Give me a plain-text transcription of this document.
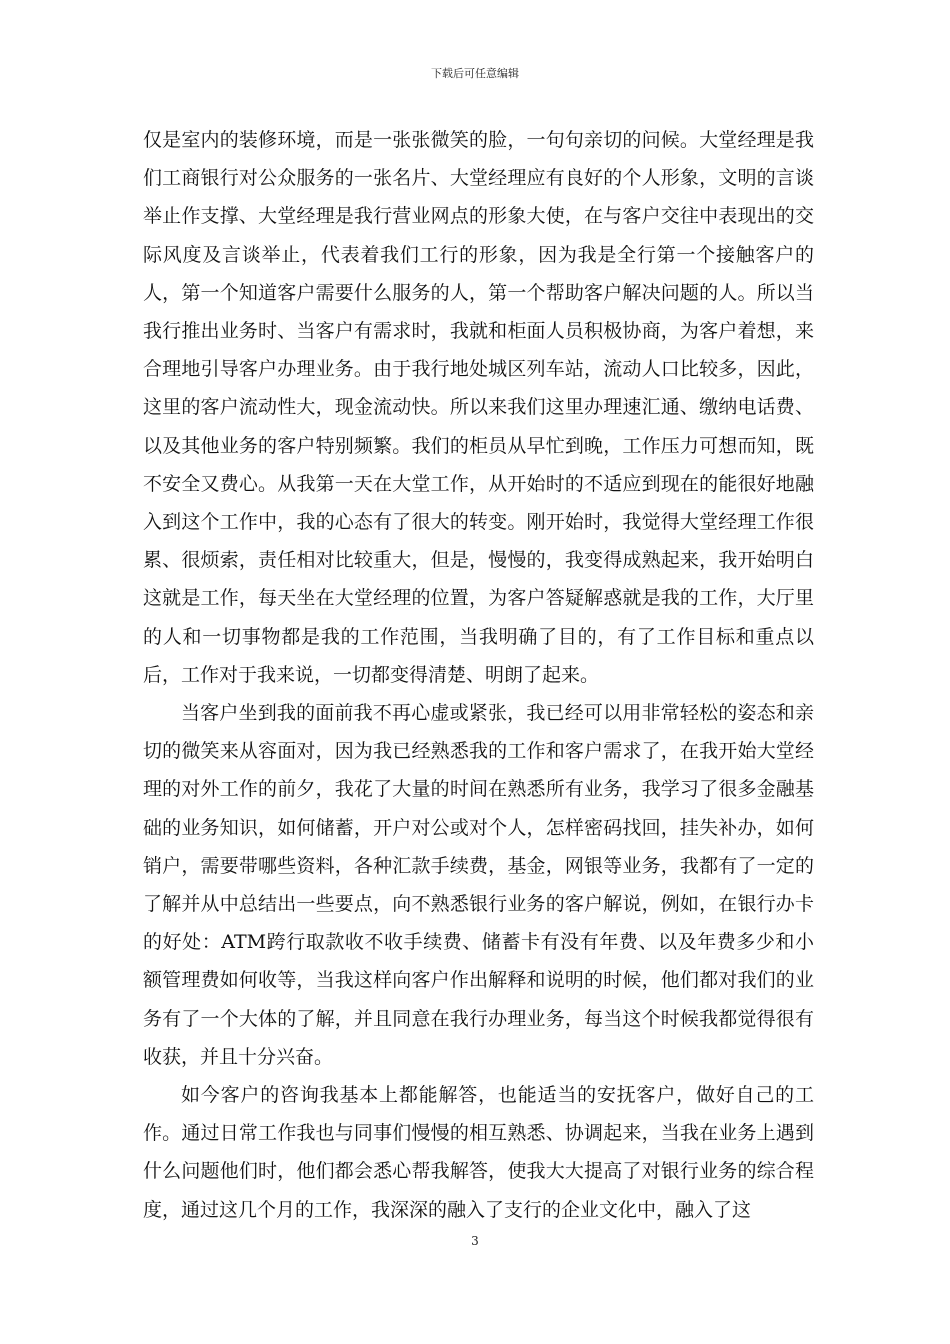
下载后可任意编辑

仅是室内的装修环境，而是一张张微笑的脸，一句句亲切的问候。大堂经理是我们工商银行对公众服务的一张名片、大堂经理应有良好的个人形象，文明的言谈举止作支撑、大堂经理是我行营业网点的形象大使，在与客户交往中表现出的交际风度及言谈举止，代表着我们工行的形象，因为我是全行第一个接触客户的人，第一个知道客户需要什么服务的人，第一个帮助客户解决问题的人。所以当我行推出业务时、当客户有需求时，我就和柜面人员积极协商，为客户着想，来合理地引导客户办理业务。由于我行地处城区列车站，流动人口比较多，因此，这里的客户流动性大，现金流动快。所以来我们这里办理速汇通、缴纳电话费、以及其他业务的客户特别频繁。我们的柜员从早忙到晚，工作压力可想而知，既不安全又费心。从我第一天在大堂工作，从开始时的不适应到现在的能很好地融入到这个工作中，我的心态有了很大的转变。刚开始时，我觉得大堂经理工作很累、很烦索，责任相对比较重大，但是，慢慢的，我变得成熟起来，我开始明白这就是工作，每天坐在大堂经理的位置，为客户答疑解惑就是我的工作，大厅里的人和一切事物都是我的工作范围，当我明确了目的，有了工作目标和重点以后，工作对于我来说，一切都变得清楚、明朗了起来。

当客户坐到我的面前我不再心虚或紧张，我已经可以用非常轻松的姿态和亲切的微笑来从容面对，因为我已经熟悉我的工作和客户需求了，在我开始大堂经理的对外工作的前夕，我花了大量的时间在熟悉所有业务，我学习了很多金融基础的业务知识，如何储蓄，开户对公或对个人，怎样密码找回，挂失补办，如何销户，需要带哪些资料，各种汇款手续费，基金，网银等业务，我都有了一定的了解并从中总结出一些要点，向不熟悉银行业务的客户解说，例如，在银行办卡的好处：ATM跨行取款收不收手续费、储蓄卡有没有年费、以及年费多少和小额管理费如何收等，当我这样向客户作出解释和说明的时候，他们都对我们的业务有了一个大体的了解，并且同意在我行办理业务，每当这个时候我都觉得很有收获，并且十分兴奋。

如今客户的咨询我基本上都能解答，也能适当的安抚客户，做好自己的工作。通过日常工作我也与同事们慢慢的相互熟悉、协调起来，当我在业务上遇到什么问题他们时，他们都会悉心帮我解答，使我大大提高了对银行业务的综合程度，通过这几个月的工作，我深深的融入了支行的企业文化中，融入了这

3
